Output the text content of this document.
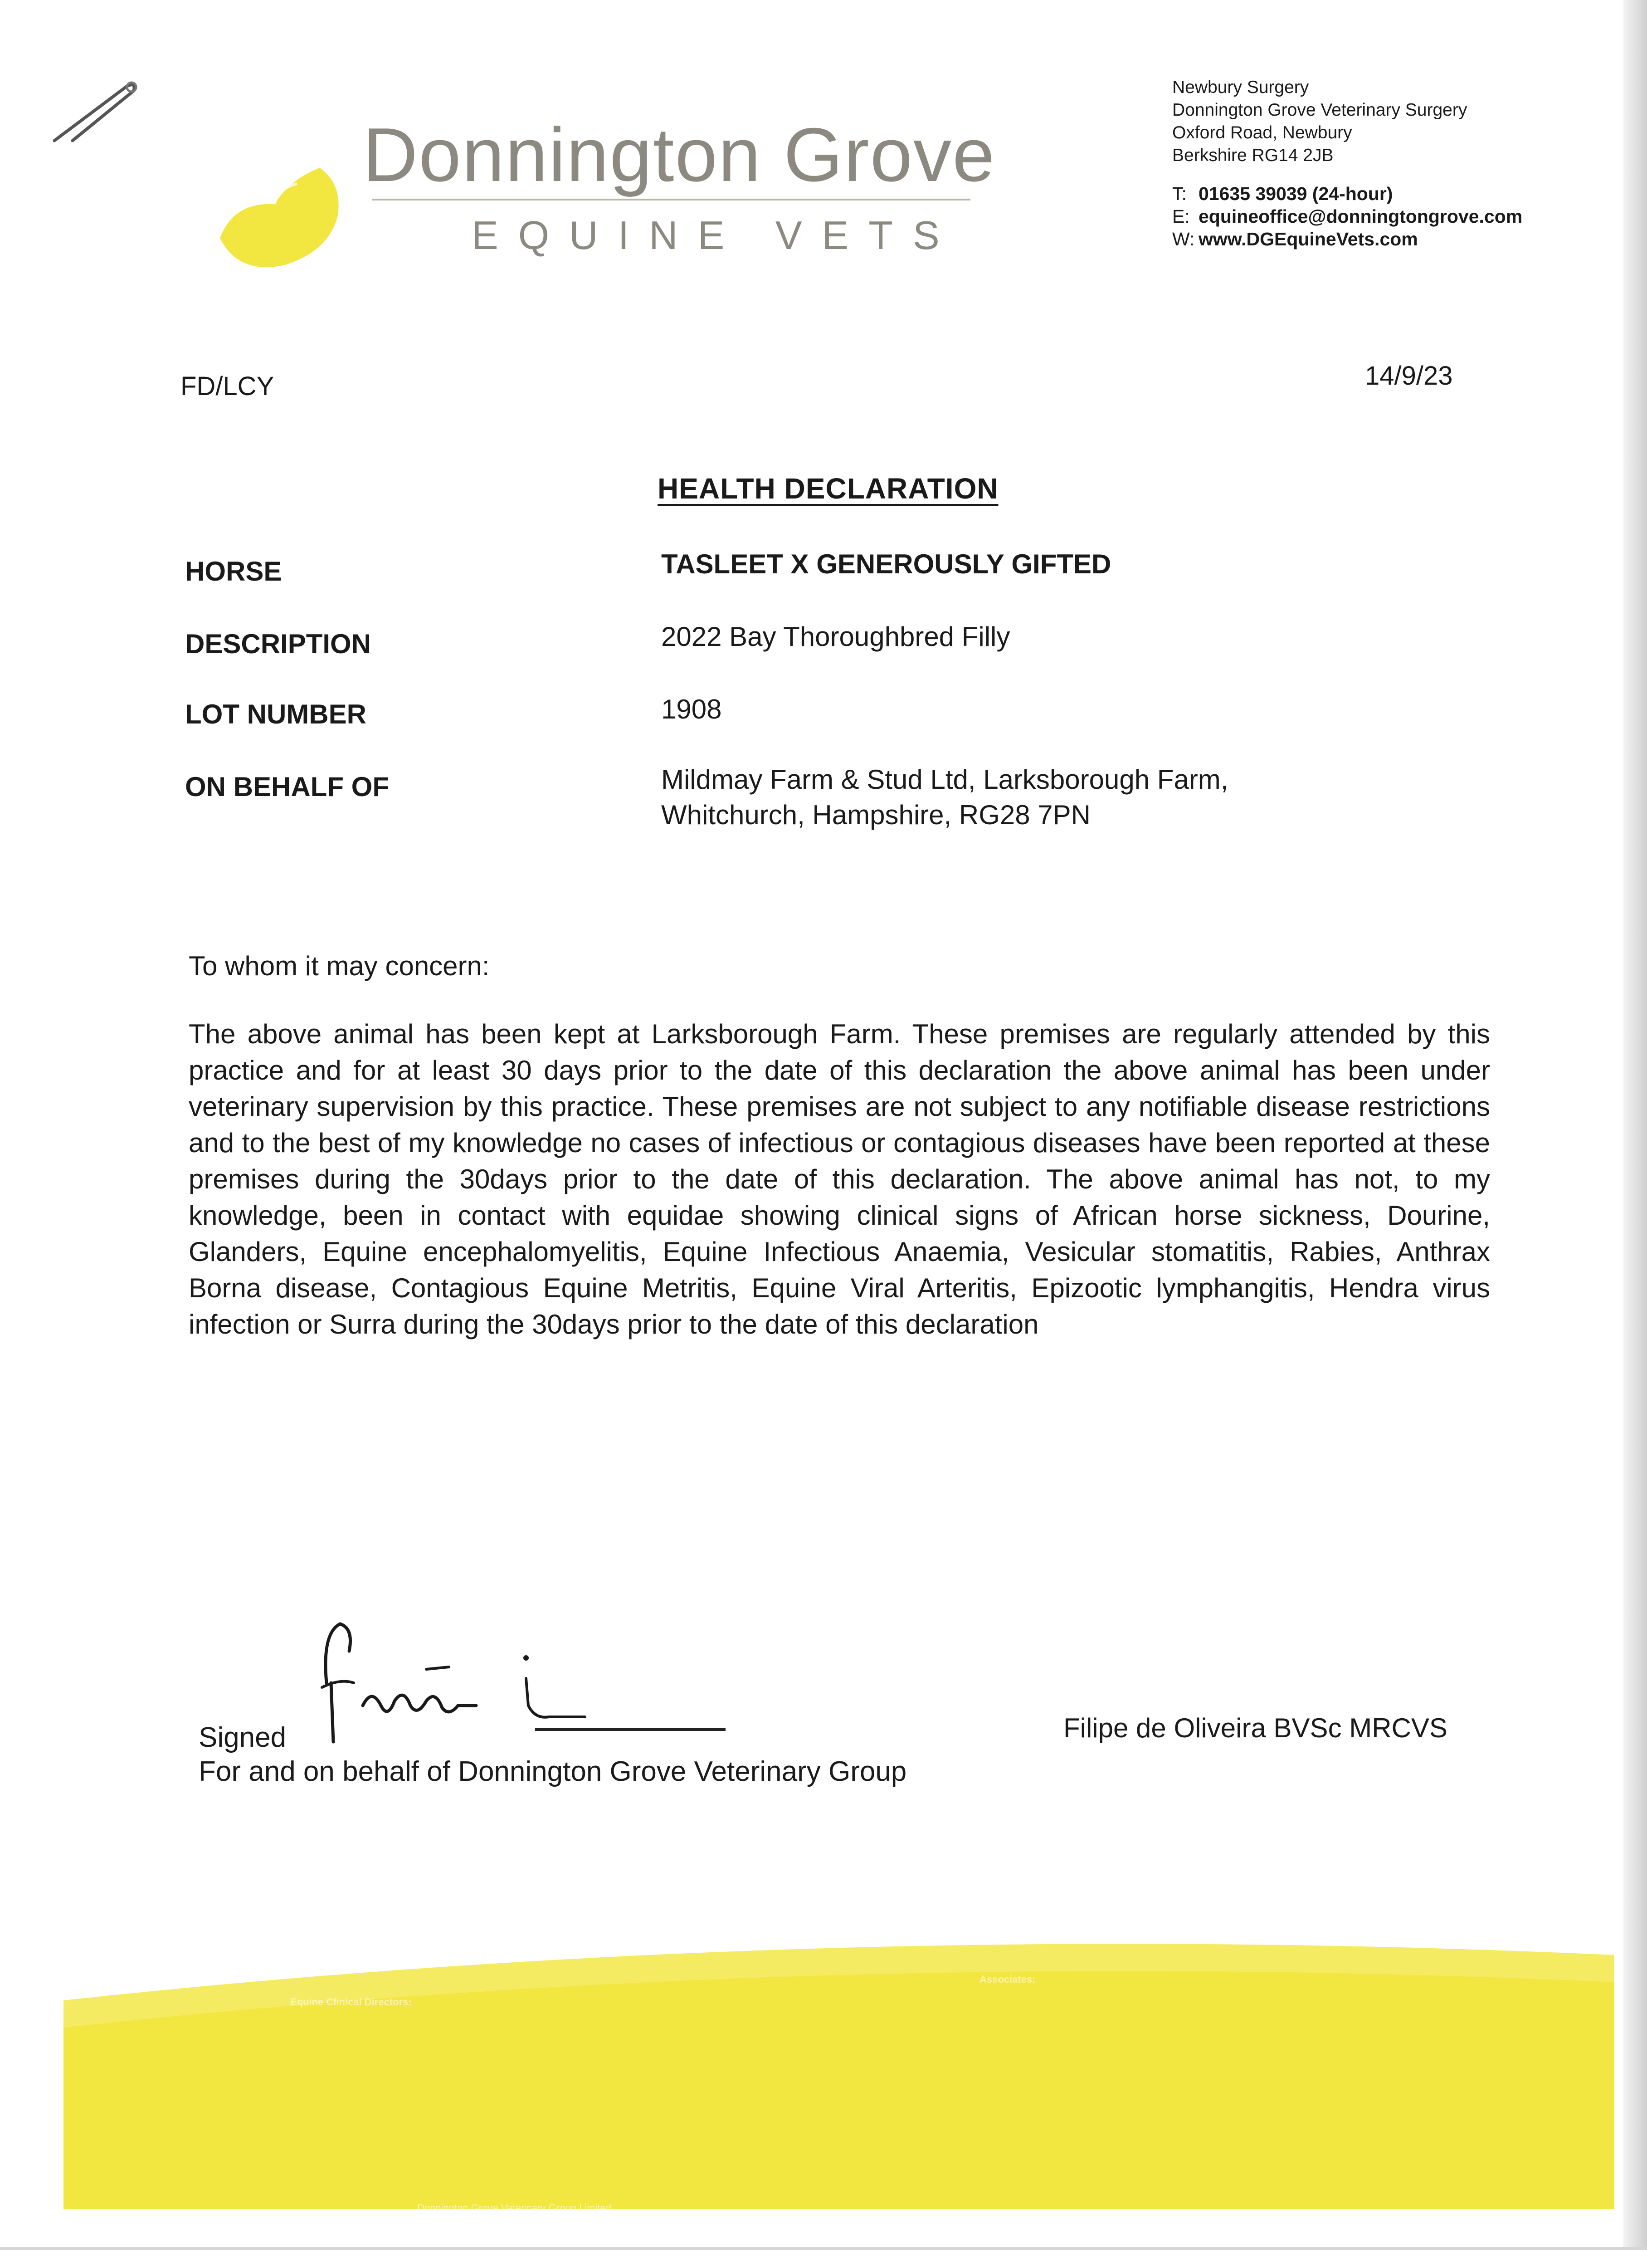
Donnington Grove
EQUINE VETS
Newbury Surgery
Donnington Grove Veterinary Surgery
Oxford Road, Newbury
Berkshire RG14 2JB
T: 01635 39039 (24-hour)
E: equineoffice@donningtongrove.com
W: www.DGEquineVets.com
FD/LCY	14/9/23
HEALTH DECLARATION
HORSE	TASLEET X GENEROUSLY GIFTED
DESCRIPTION	2022 Bay Thoroughbred Filly
LOT NUMBER	1908
ON BEHALF OF	Mildmay Farm & Stud Ltd, Larksborough Farm,
Whitchurch, Hampshire, RG28 7PN
To whom it may concern:
The above animal has been kept at Larksborough Farm. These premises are regularly attended by this practice and for at least 30 days prior to the date of this declaration the above animal has been under veterinary supervision by this practice. These premises are not subject to any notifiable disease restrictions and to the best of my knowledge no cases of infectious or contagious diseases have been reported at these premises during the 30days prior to the date of this declaration. The above animal has not, to my knowledge, been in contact with equidae showing clinical signs of African horse sickness, Dourine, Glanders, Equine encephalomyelitis, Equine Infectious Anaemia, Vesicular stomatitis, Rabies, Anthrax Borna disease, Contagious Equine Metritis, Equine Viral Arteritis, Epizootic lymphangitis, Hendra virus infection or Surra during the 30days prior to the date of this declaration
Signed
For and on behalf of Donnington Grove Veterinary Group
Filipe de Oliveira BVSc MRCVS
Equine Clinical Directors:
Associates:
Donnington Grove Veterinary Group Limited
